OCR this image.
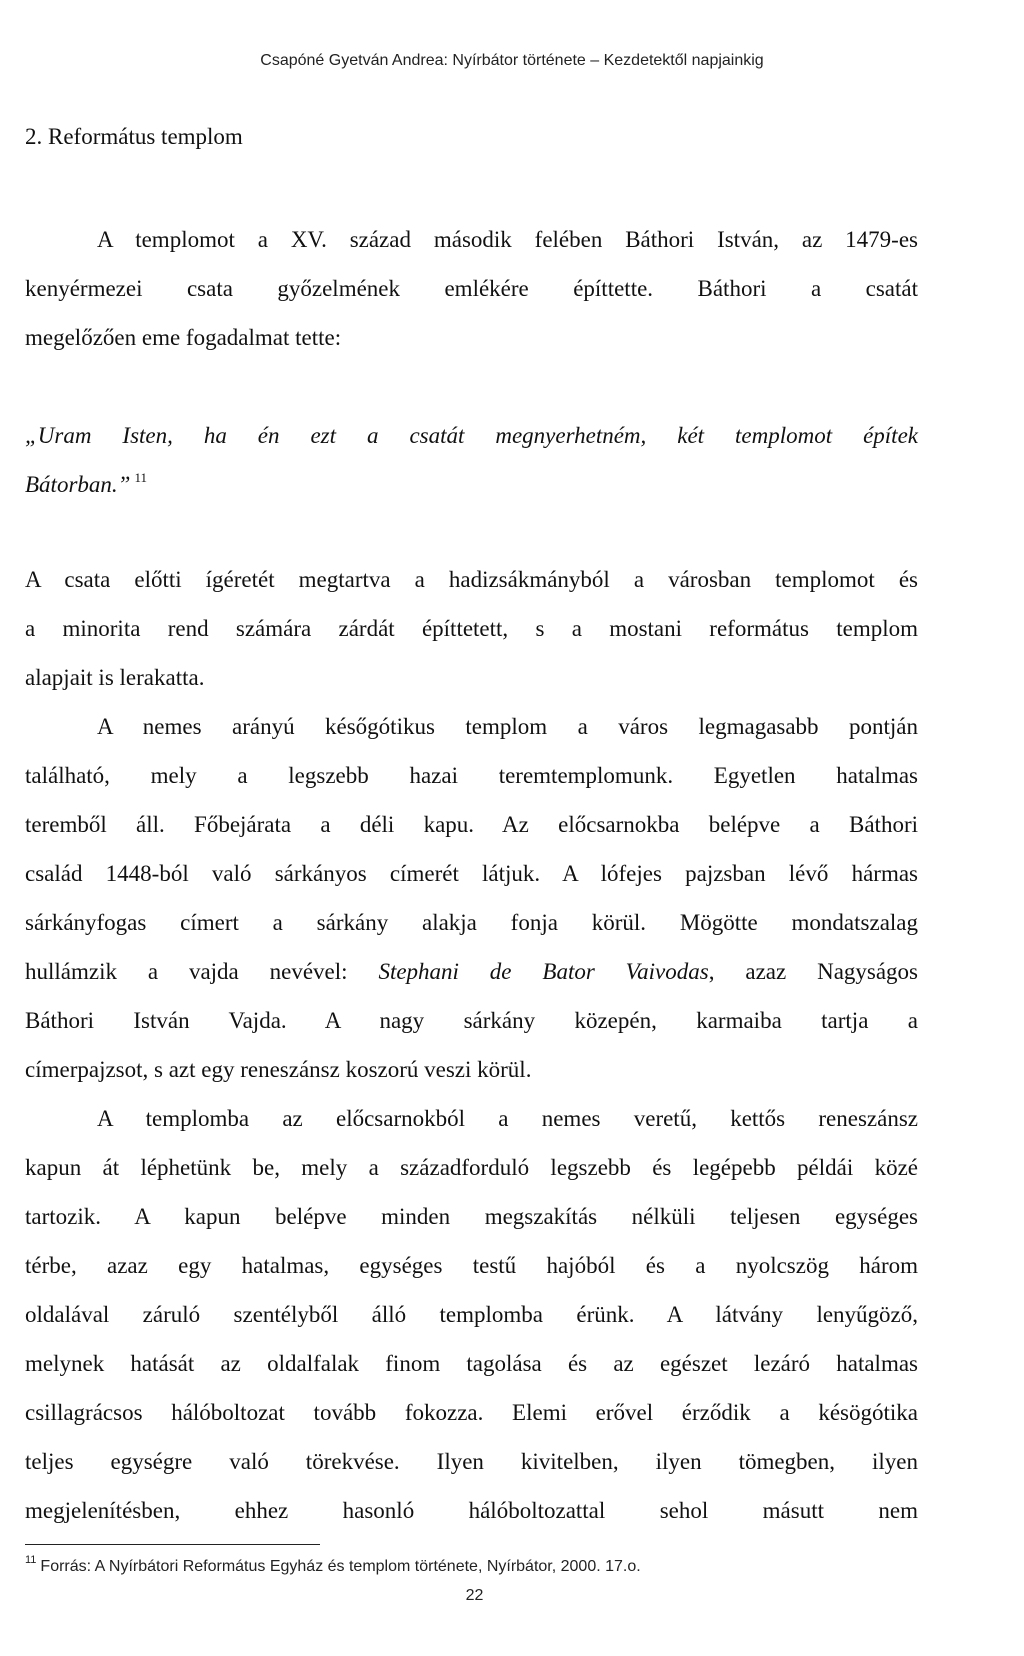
Csapóné Gyetván Andrea: Nyírbátor története – Kezdetektől napjainkig
2. Református templom

A templomot a XV. század második felében Báthori István, az 1479-es

kenyérmezei csata győzelmének emlékére építtette. Báthori a csatát

megelőzően eme fogadalmat tette:

„Uram Isten, ha én ezt a csatát megnyerhetném, két templomot építek

Bátorban.” $^{11}$

A csata előtti ígéretét megtartva a hadizsákmányból a városban templomot és

a minorita rend számára zárdát építtetett, s a mostani református templom

alapjait is lerakatta.

A nemes arányú későgótikus templom a város legmagasabb pontján

található, mely a legszebb hazai teremtemplomunk. Egyetlen hatalmas

teremből áll. Főbejárata a déli kapu. Az előcsarnokba belépve a Báthori

család 1448-ból való sárkányos címerét látjuk. A lófejes pajzsban lévő hármas

sárkányfogas címert a sárkány alakja fonja körül. Mögötte mondatszalag

hullámzik a vajda nevével: Stephani de Bator Vaivodas, azaz Nagyságos

Báthori István Vajda. A nagy sárkány közepén, karmaiba tartja a

címerpajzsot, s azt egy reneszánsz koszorú veszi körül.

A templomba az előcsarnokból a nemes veretű, kettős reneszánsz

kapun át léphetünk be, mely a századforduló legszebb és legépebb példái közé

tartozik. A kapun belépve minden megszakítás nélküli teljesen egységes

térbe, azaz egy hatalmas, egységes testű hajóból és a nyolcszög három

oldalával záruló szentélyből álló templomba érünk. A látvány lenyűgöző,

melynek hatását az oldalfalak finom tagolása és az egészet lezáró hatalmas

csillagrácsos hálóboltozat tovább fokozza. Elemi erővel érződik a késögótika

teljes egységre való törekvése. Ilyen kivitelben, ilyen tömegben, ilyen

megjelenítésben, ehhez hasonló hálóboltozattal sehol másutt nem

$^{11}$ Forrás: A Nyírbátori Református Egyház és templom története, Nyírbátor, 2000. 17.o.
22
